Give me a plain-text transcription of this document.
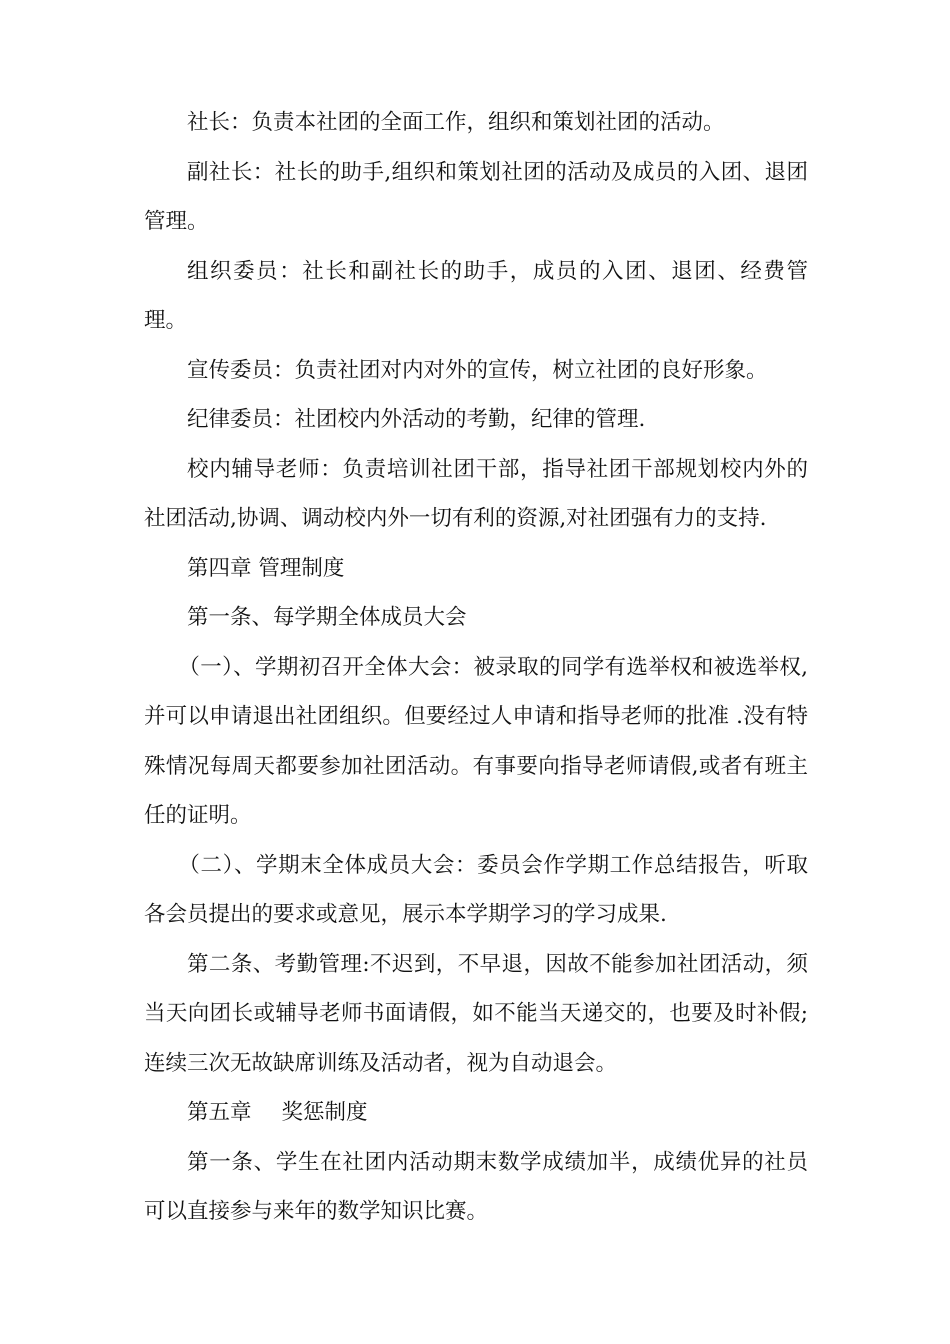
社长：负责本社团的全面工作，组织和策划社团的活动。

副社长：社长的助手,组织和策划社团的活动及成员的入团、退团管理。

组织委员：社长和副社长的助手，成员的入团、退团、经费管理。

宣传委员：负责社团对内对外的宣传，树立社团的良好形象。

纪律委员：社团校内外活动的考勤，纪律的管理.

校内辅导老师：负责培训社团干部，指导社团干部规划校内外的社团活动,协调、调动校内外一切有利的资源,对社团强有力的支持.

第四章 管理制度

第一条、每学期全体成员大会

（一）、学期初召开全体大会：被录取的同学有选举权和被选举权,并可以申请退出社团组织。但要经过人申请和指导老师的批准 .没有特殊情况每周天都要参加社团活动。有事要向指导老师请假,或者有班主任的证明。

（二）、学期末全体成员大会：委员会作学期工作总结报告，听取各会员提出的要求或意见，展示本学期学习的学习成果.

第二条、考勤管理:不迟到，不早退，因故不能参加社团活动，须当天向团长或辅导老师书面请假，如不能当天递交的，也要及时补假;连续三次无故缺席训练及活动者，视为自动退会。

第五章 奖惩制度

第一条、学生在社团内活动期末数学成绩加半，成绩优异的社员可以直接参与来年的数学知识比赛。
